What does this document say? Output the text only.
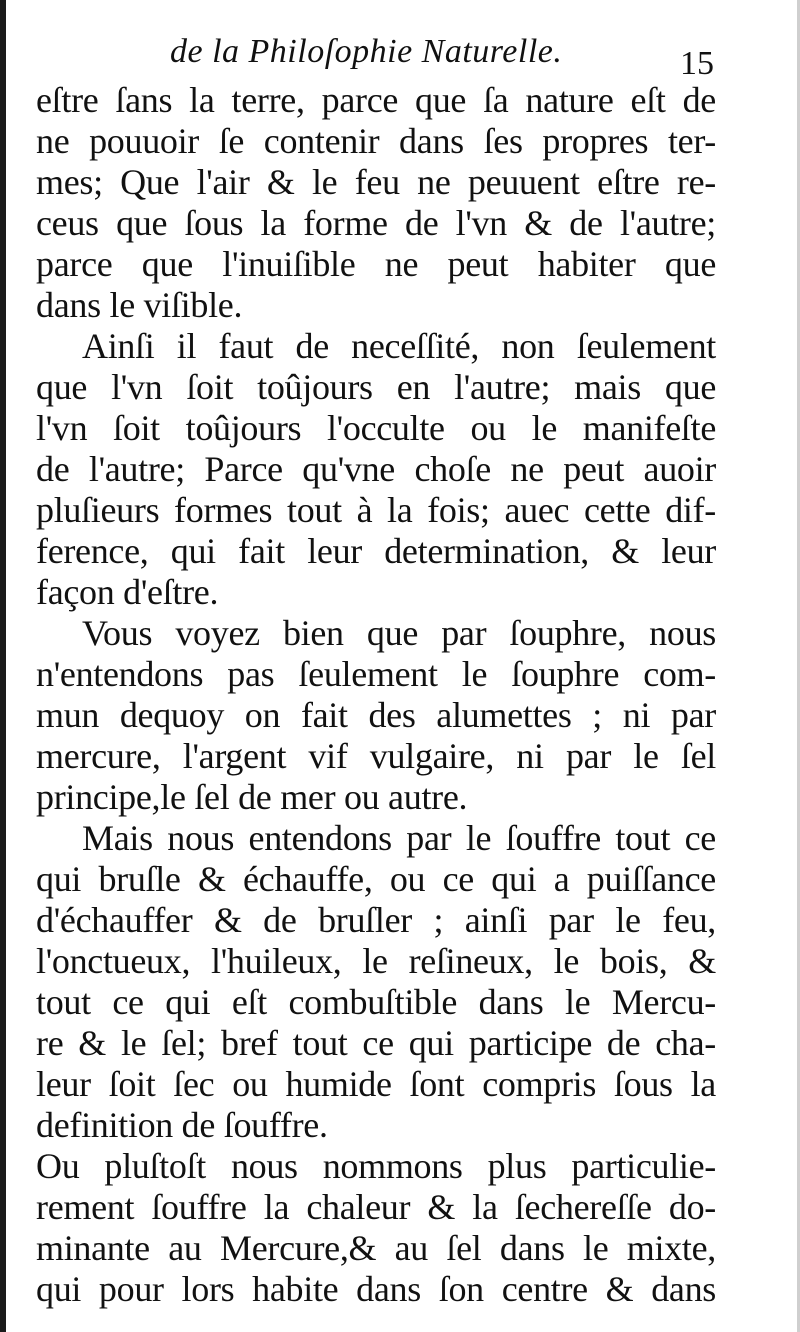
de la Philoſophie Naturelle.	15
eſtre ſans la terre, parce que ſa nature eſt de
ne pouuoir ſe contenir dans ſes propres ter-
mes; Que l'air & le feu ne peuuent eſtre re-
ceus que ſous la forme de l'vn & de l'autre;
parce que l'inuiſible ne peut habiter que
dans le viſible.
Ainſi il faut de neceſſité, non ſeulement
que l'vn ſoit toûjours en l'autre; mais que
l'vn ſoit toûjours l'occulte ou le manifeſte
de l'autre; Parce qu'vne choſe ne peut auoir
pluſieurs formes tout à la fois; auec cette dif-
ference, qui fait leur determination, & leur
façon d'eſtre.
Vous voyez bien que par ſouphre, nous
n'entendons pas ſeulement le ſouphre com-
mun dequoy on fait des alumettes ; ni par
mercure, l'argent vif vulgaire, ni par le ſel
principe,le ſel de mer ou autre.
Mais nous entendons par le ſouffre tout ce
qui bruſle & échauffe, ou ce qui a puiſſance
d'échauffer & de bruſler ; ainſi par le feu,
l'onctueux, l'huileux, le reſineux, le bois, &
tout ce qui eſt combuſtible dans le Mercu-
re & le ſel; bref tout ce qui participe de cha-
leur ſoit ſec ou humide ſont compris ſous la
definition de ſouffre.
Ou pluſtoſt nous nommons plus particulie-
rement ſouffre la chaleur & la ſechereſſe do-
minante au Mercure,& au ſel dans le mixte,
qui pour lors habite dans ſon centre & dans
